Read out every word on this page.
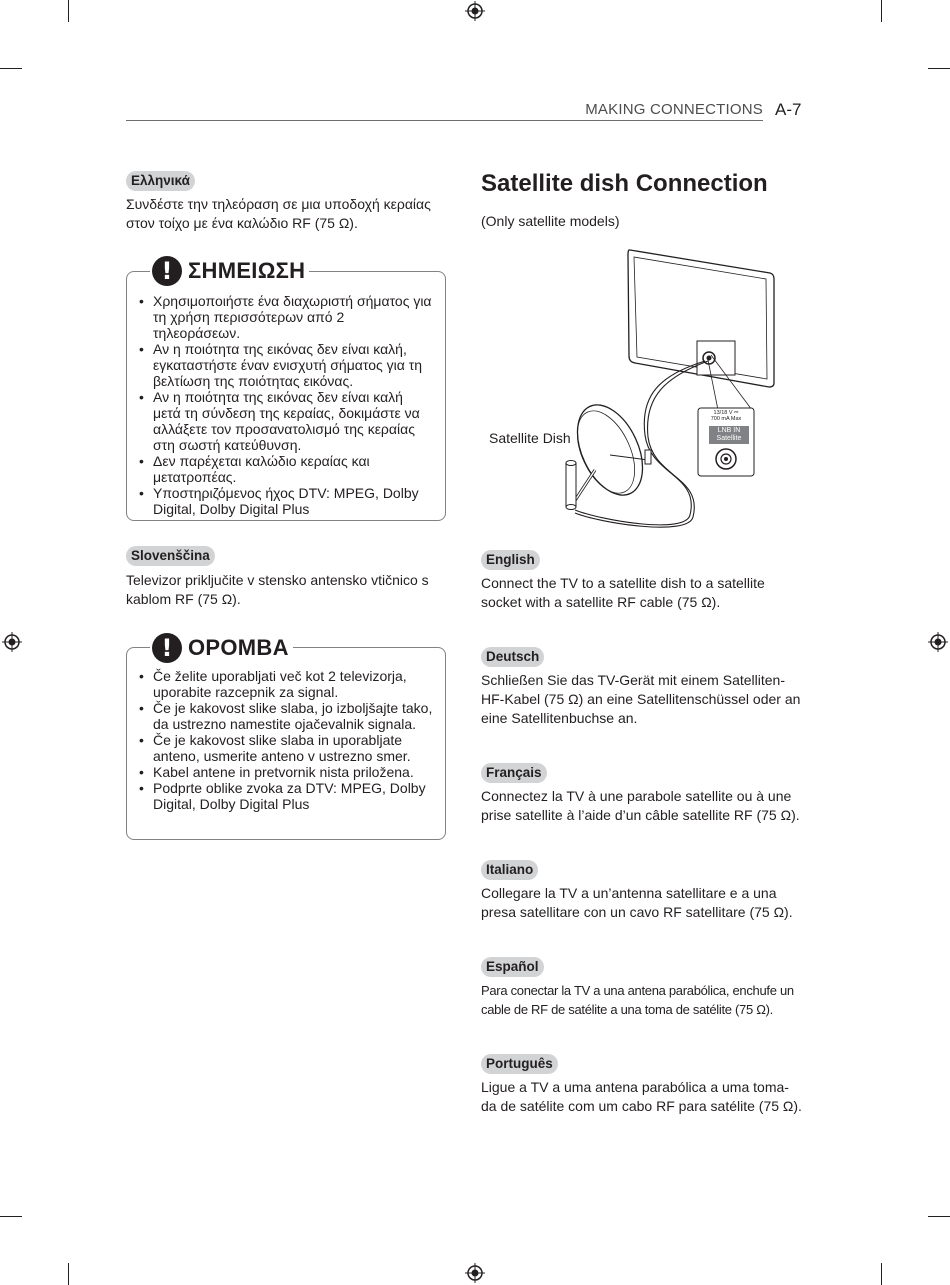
MAKING CONNECTIONS A-7
Ελληνικά
Συνδέστε την τηλεόραση σε μια υποδοχή κεραίας στον τοίχο με ένα καλώδιο RF (75 Ω).
! ΣΗΜΕΙΩΣΗ
• Χρησιμοποιήστε ένα διαχωριστή σήματος για τη χρήση περισσότερων από 2 τηλεοράσεων.
• Αν η ποιότητα της εικόνας δεν είναι καλή, εγκαταστήστε έναν ενισχυτή σήματος για τη βελτίωση της ποιότητας εικόνας.
• Αν η ποιότητα της εικόνας δεν είναι καλή μετά τη σύνδεση της κεραίας, δοκιμάστε να αλλάξετε τον προσανατολισμό της κεραίας στη σωστή κατεύθυνση.
• Δεν παρέχεται καλώδιο κεραίας και μετατροπέας.
• Υποστηριζόμενος ήχος DTV: MPEG, Dolby Digital, Dolby Digital Plus
Slovenščina
Televizor priključite v stensko antensko vtičnico s kablom RF (75 Ω).
! OPOMBA
• Če želite uporabljati več kot 2 televizorja, uporabite razcepnik za signal.
• Če je kakovost slike slaba, jo izboljšajte tako, da ustrezno namestite ojačevalnik signala.
• Če je kakovost slike slaba in uporabljate anteno, usmerite anteno v ustrezno smer.
• Kabel antene in pretvornik nista priložena.
• Podprte oblike zvoka za DTV: MPEG, Dolby Digital, Dolby Digital Plus
Satellite dish Connection
(Only satellite models)
13/18 V ⎓
700 mA Max
LNB IN
Satellite
Satellite Dish
English
Connect the TV to a satellite dish to a satellite socket with a satellite RF cable (75 Ω).
Deutsch
Schließen Sie das TV-Gerät mit einem Satelliten-HF-Kabel (75 Ω) an eine Satellitenschüssel oder an eine Satellitenbuchse an.
Français
Connectez la TV à une parabole satellite ou à une prise satellite à l’aide d’un câble satellite RF (75 Ω).
Italiano
Collegare la TV a un’antenna satellitare e a una presa satellitare con un cavo RF satellitare (75 Ω).
Español
Para conectar la TV a una antena parabólica, enchufe un cable de RF de satélite a una toma de satélite (75 Ω).
Português
Ligue a TV a uma antena parabólica a uma toma-da de satélite com um cabo RF para satélite (75 Ω).
